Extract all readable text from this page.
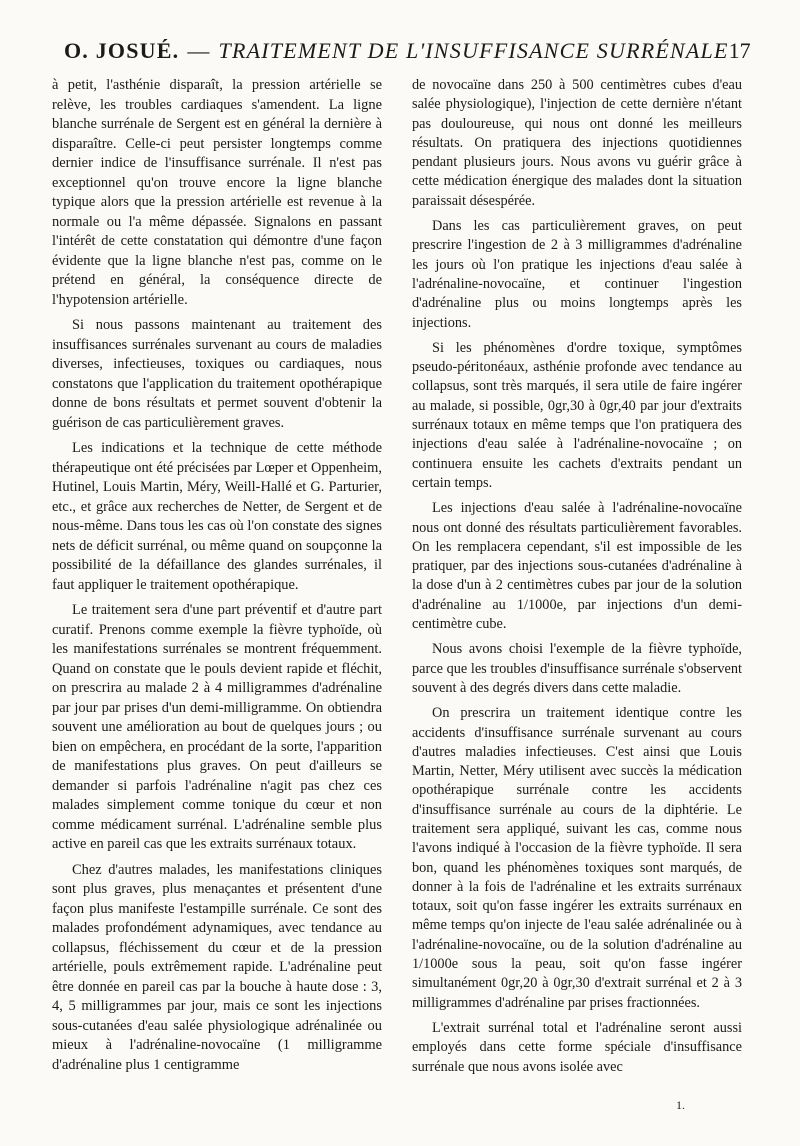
O. JOSUÉ. — TRAITEMENT DE L'INSUFFISANCE SURRÉNALE 17

à petit, l'asthénie disparaît, la pression artérielle se relève, les troubles cardiaques s'amendent. La ligne blanche surrénale de Sergent est en général la dernière à disparaître. Celle-ci peut persister longtemps comme dernier indice de l'insuffisance surrénale. Il n'est pas exceptionnel qu'on trouve encore la ligne blanche typique alors que la pression artérielle est revenue à la normale ou l'a même dépassée. Signalons en passant l'intérêt de cette constatation qui démontre d'une façon évidente que la ligne blanche n'est pas, comme on le prétend en général, la conséquence directe de l'hypotension artérielle.

Si nous passons maintenant au traitement des insuffisances surrénales survenant au cours de maladies diverses, infectieuses, toxiques ou cardiaques, nous constatons que l'application du traitement opothérapique donne de bons résultats et permet souvent d'obtenir la guérison de cas particulièrement graves.

Les indications et la technique de cette méthode thérapeutique ont été précisées par Lœper et Oppenheim, Hutinel, Louis Martin, Méry, Weill-Hallé et G. Parturier, etc., et grâce aux recherches de Netter, de Sergent et de nous-même. Dans tous les cas où l'on constate des signes nets de déficit surrénal, ou même quand on soupçonne la possibilité de la défaillance des glandes surrénales, il faut appliquer le traitement opothérapique.

Le traitement sera d'une part préventif et d'autre part curatif. Prenons comme exemple la fièvre typhoïde, où les manifestations surrénales se montrent fréquemment. Quand on constate que le pouls devient rapide et fléchit, on prescrira au malade 2 à 4 milligrammes d'adrénaline par jour par prises d'un demi-milligramme. On obtiendra souvent une amélioration au bout de quelques jours ; ou bien on empêchera, en procédant de la sorte, l'apparition de manifestations plus graves. On peut d'ailleurs se demander si parfois l'adrénaline n'agit pas chez ces malades simplement comme tonique du cœur et non comme médicament surrénal. L'adrénaline semble plus active en pareil cas que les extraits surrénaux totaux.

Chez d'autres malades, les manifestations cliniques sont plus graves, plus menaçantes et présentent d'une façon plus manifeste l'estampille surrénale. Ce sont des malades profondément adynamiques, avec tendance au collapsus, fléchissement du cœur et de la pression artérielle, pouls extrêmement rapide. L'adrénaline peut être donnée en pareil cas par la bouche à haute dose : 3, 4, 5 milligrammes par jour, mais ce sont les injections sous-cutanées d'eau salée physiologique adrénalinée ou mieux à l'adrénaline-novocaïne (1 milligramme d'adrénaline plus 1 centigramme

de novocaïne dans 250 à 500 centimètres cubes d'eau salée physiologique), l'injection de cette dernière n'étant pas douloureuse, qui nous ont donné les meilleurs résultats. On pratiquera des injections quotidiennes pendant plusieurs jours. Nous avons vu guérir grâce à cette médication énergique des malades dont la situation paraissait désespérée.

Dans les cas particulièrement graves, on peut prescrire l'ingestion de 2 à 3 milligrammes d'adrénaline les jours où l'on pratique les injections d'eau salée à l'adrénaline-novocaïne, et continuer l'ingestion d'adrénaline plus ou moins longtemps après les injections.

Si les phénomènes d'ordre toxique, symptômes pseudo-péritonéaux, asthénie profonde avec tendance au collapsus, sont très marqués, il sera utile de faire ingérer au malade, si possible, 0gr,30 à 0gr,40 par jour d'extraits surrénaux totaux en même temps que l'on pratiquera des injections d'eau salée à l'adrénaline-novocaïne ; on continuera ensuite les cachets d'extraits pendant un certain temps.

Les injections d'eau salée à l'adrénaline-novocaïne nous ont donné des résultats particulièrement favorables. On les remplacera cependant, s'il est impossible de les pratiquer, par des injections sous-cutanées d'adrénaline à la dose d'un à 2 centimètres cubes par jour de la solution d'adrénaline au 1/1000e, par injections d'un demi-centimètre cube.

Nous avons choisi l'exemple de la fièvre typhoïde, parce que les troubles d'insuffisance surrénale s'observent souvent à des degrés divers dans cette maladie.

On prescrira un traitement identique contre les accidents d'insuffisance surrénale survenant au cours d'autres maladies infectieuses. C'est ainsi que Louis Martin, Netter, Méry utilisent avec succès la médication opothérapique surrénale contre les accidents d'insuffisance surrénale au cours de la diphtérie. Le traitement sera appliqué, suivant les cas, comme nous l'avons indiqué à l'occasion de la fièvre typhoïde. Il sera bon, quand les phénomènes toxiques sont marqués, de donner à la fois de l'adrénaline et les extraits surrénaux totaux, soit qu'on fasse ingérer les extraits surrénaux en même temps qu'on injecte de l'eau salée adrénalinée ou à l'adrénaline-novocaïne, ou de la solution d'adrénaline au 1/1000e sous la peau, soit qu'on fasse ingérer simultanément 0gr,20 à 0gr,30 d'extrait surrénal et 2 à 3 milligrammes d'adrénaline par prises fractionnées.

L'extrait surrénal total et l'adrénaline seront aussi employés dans cette forme spéciale d'insuffisance surrénale que nous avons isolée avec

1.
